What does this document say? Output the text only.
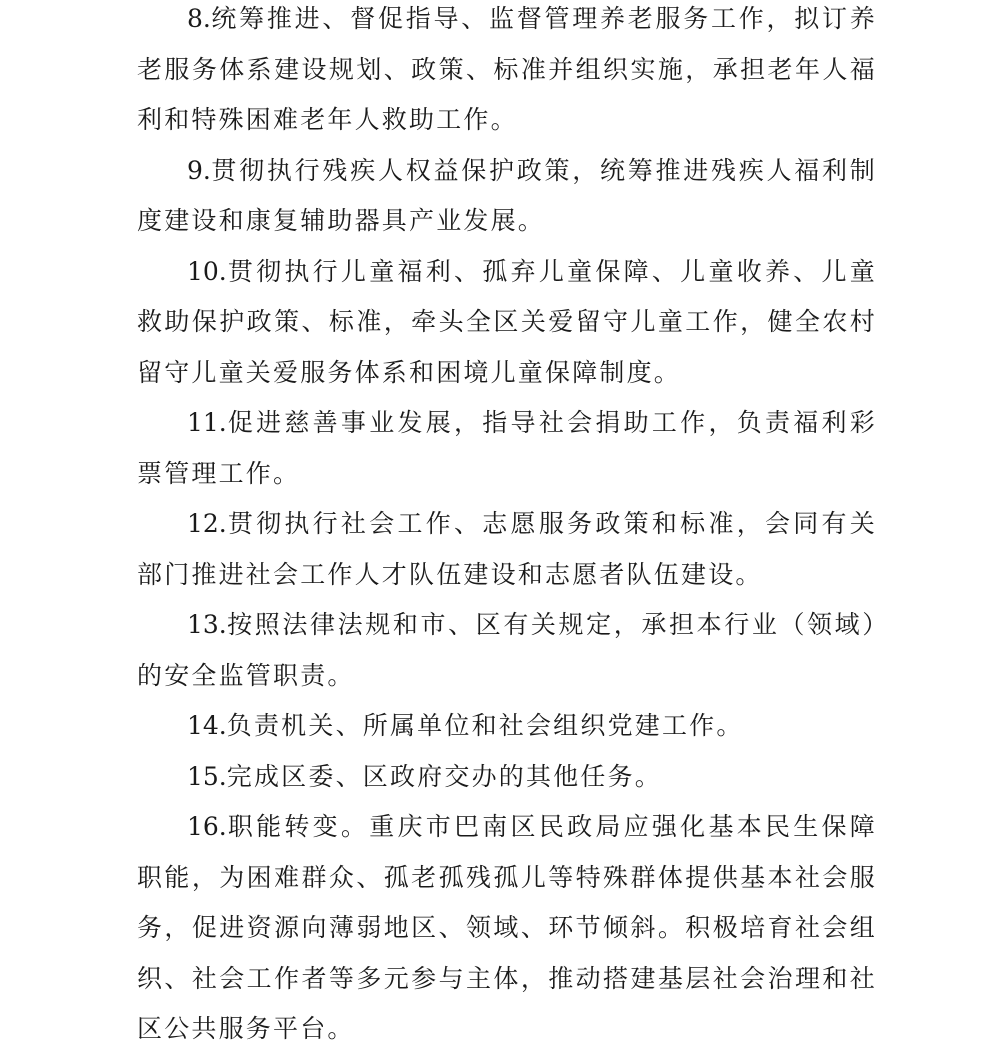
8.统筹推进、督促指导、监督管理养老服务工作，拟订养老服务体系建设规划、政策、标准并组织实施，承担老年人福利和特殊困难老年人救助工作。

9.贯彻执行残疾人权益保护政策，统筹推进残疾人福利制度建设和康复辅助器具产业发展。

10.贯彻执行儿童福利、孤弃儿童保障、儿童收养、儿童救助保护政策、标准，牵头全区关爱留守儿童工作，健全农村留守儿童关爱服务体系和困境儿童保障制度。

11.促进慈善事业发展，指导社会捐助工作，负责福利彩票管理工作。

12.贯彻执行社会工作、志愿服务政策和标准，会同有关部门推进社会工作人才队伍建设和志愿者队伍建设。

13.按照法律法规和市、区有关规定，承担本行业（领域）的安全监管职责。

14.负责机关、所属单位和社会组织党建工作。

15.完成区委、区政府交办的其他任务。

16.职能转变。重庆市巴南区民政局应强化基本民生保障职能，为困难群众、孤老孤残孤儿等特殊群体提供基本社会服务，促进资源向薄弱地区、领域、环节倾斜。积极培育社会组织、社会工作者等多元参与主体，推动搭建基层社会治理和社区公共服务平台。
